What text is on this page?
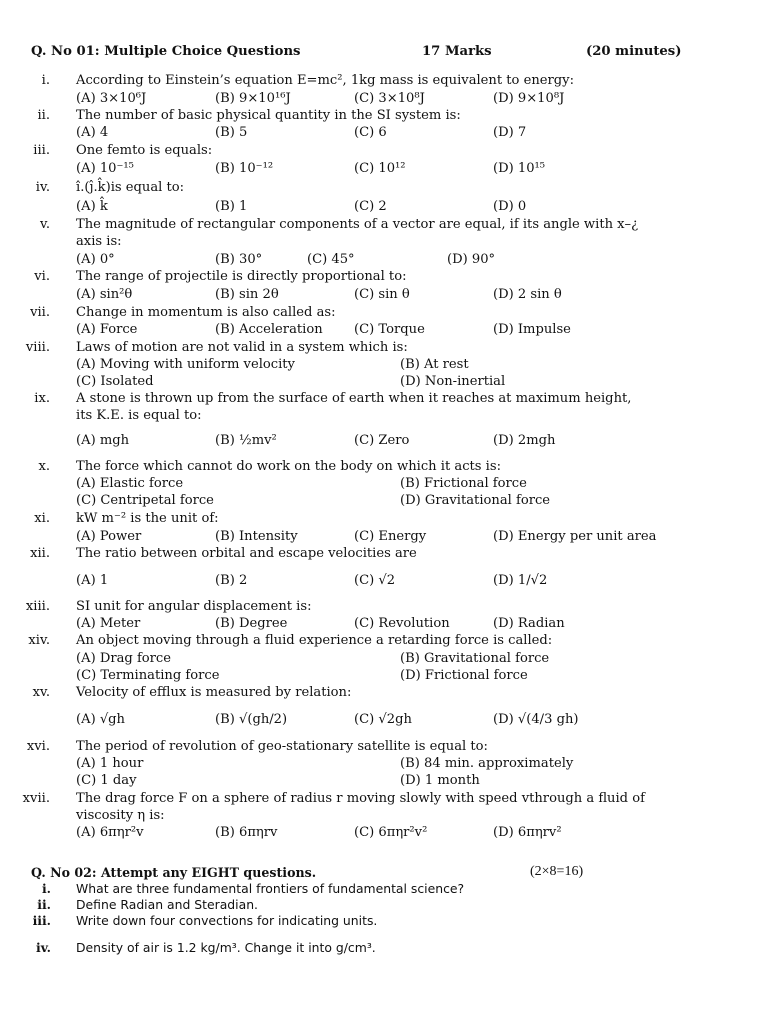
Q. No 01: Multiple Choice Questions	17 Marks	(20 minutes)
i. According to Einstein’s equation E=mc², 1kg mass is equivalent to energy:
(A) 3×10⁶J	(B) 9×10¹⁶J	(C) 3×10⁸J	(D) 9×10⁸J
ii. The number of basic physical quantity in the SI system is:
(A) 4	(B) 5	(C) 6	(D) 7
iii. One femto is equals:
(A) 10⁻¹⁵	(B) 10⁻¹²	(C) 10¹²	(D) 10¹⁵
iv. î.(ĵ.k̂)is equal to:
(A) k̂	(B) 1	(C) 2	(D) 0
v. The magnitude of rectangular components of a vector are equal, if its angle with x–¿
axis is:
(A) 0°	(B) 30°	(C) 45°	(D) 90°
vi. The range of projectile is directly proportional to:
(A) sin²θ	(B) sin 2θ	(C) sin θ	(D) 2 sin θ
vii. Change in momentum is also called as:
(A) Force	(B) Acceleration (C) Torque	(D) Impulse
viii. Laws of motion are not valid in a system which is:
(A) Moving with uniform velocity	(B) At rest
(C) Isolated	(D) Non-inertial
ix. A stone is thrown up from the surface of earth when it reaches at maximum height,
its K.E. is equal to:
(A) mgh	(B) ½mv²	(C) Zero	(D) 2mgh
x. The force which cannot do work on the body on which it acts is:
(A) Elastic force	(B) Frictional force
(C) Centripetal force	(D) Gravitational force
xi. kW m⁻² is the unit of:
(A) Power	(B) Intensity	(C) Energy	(D) Energy per unit area
xii. The ratio between orbital and escape velocities are
(A) 1	(B) 2	(C) √2	(D) 1/√2
xiii. SI unit for angular displacement is:
(A) Meter	(B) Degree	(C) Revolution	(D) Radian
xiv. An object moving through a fluid experience a retarding force is called:
(A) Drag force	(B) Gravitational force
(C) Terminating force	(D) Frictional force
xv. Velocity of efflux is measured by relation:
(A) √gh	(B) √(gh/2)	(C) √2gh	(D) √(4/3 gh)
xvi. The period of revolution of geo-stationary satellite is equal to:
(A) 1 hour	(B) 84 min. approximately
(C) 1 day	(D) 1 month
xvii. The drag force F on a sphere of radius r moving slowly with speed vthrough a fluid of
viscosity η is:
(A) 6πηr²v	(B) 6πηrv	(C) 6πηr²v²	(D) 6πηrv²
Q. No 02: Attempt any EIGHT questions.	(2×8=16)
i. What are three fundamental frontiers of fundamental science?
ii. Define Radian and Steradian.
iii. Write down four convections for indicating units.
iv. Density of air is 1.2 kg/m³. Change it into g/cm³.
